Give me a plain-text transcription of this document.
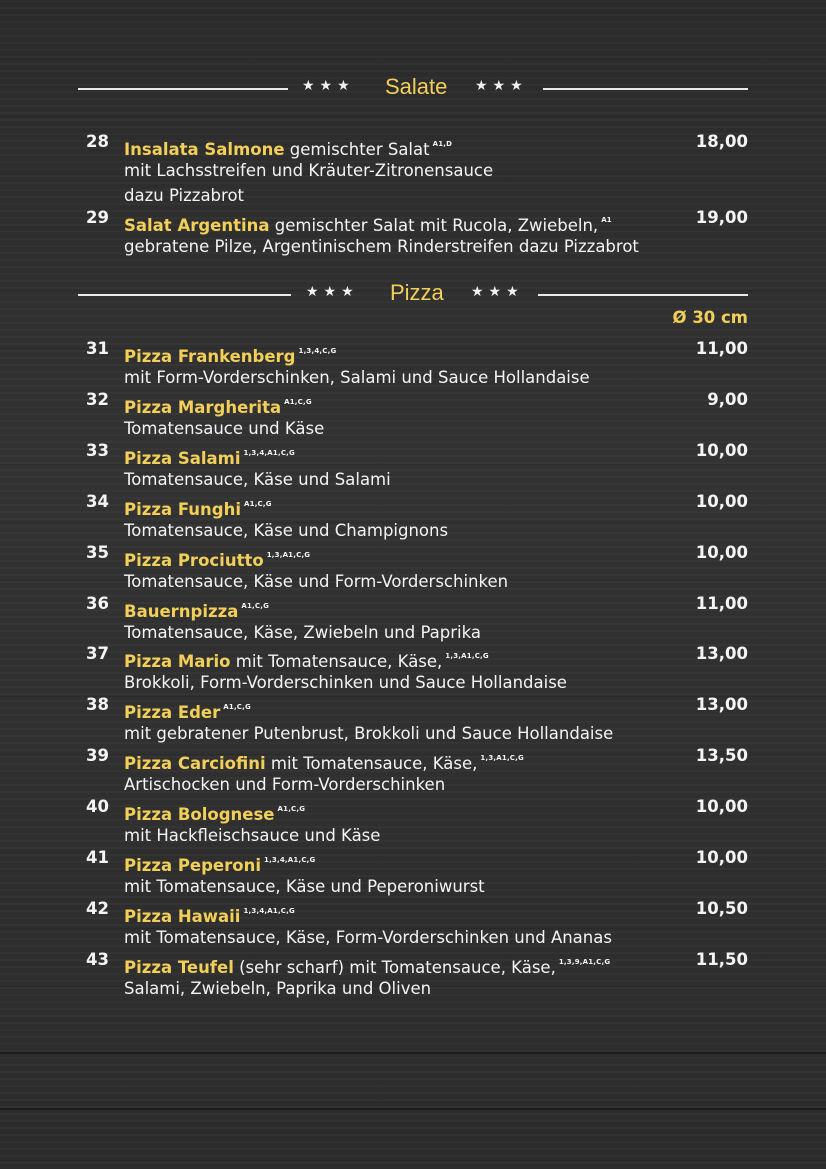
★★★ Salate ★★★
28 Insalata Salmone gemischter Salat $^{A1,D}$
mit Lachsstreifen und Kräuter-Zitronensauce
dazu Pizzabrot
18,00
29 Salat Argentina gemischter Salat mit Rucola, Zwiebeln, $^{A1}$
gebratene Pilze, Argentinischem Rinderstreifen dazu Pizzabrot
19,00
★★★ Pizza ★★★
Ø 30 cm
31 Pizza Frankenberg $^{1,3,4,C,G}$
mit Form-Vorderschinken, Salami und Sauce Hollandaise
11,00
32 Pizza Margherita $^{A1,C,G}$
Tomatensauce und Käse
9,00
33 Pizza Salami $^{1,3,4,A1,C,G}$
Tomatensauce, Käse und Salami
10,00
34 Pizza Funghi $^{A1,C,G}$
Tomatensauce, Käse und Champignons
10,00
35 Pizza Prociutto $^{1,3,A1,C,G}$
Tomatensauce, Käse und Form-Vorderschinken
10,00
36 Bauernpizza $^{A1,C,G}$
Tomatensauce, Käse, Zwiebeln und Paprika
11,00
37 Pizza Mario mit Tomatensauce, Käse, $^{1,3,A1,C,G}$
Brokkoli, Form-Vorderschinken und Sauce Hollandaise
13,00
38 Pizza Eder $^{A1,C,G}$
mit gebratener Putenbrust, Brokkoli und Sauce Hollandaise
13,00
39 Pizza Carciofini mit Tomatensauce, Käse, $^{1,3,A1,C,G}$
Artischocken und Form-Vorderschinken
13,50
40 Pizza Bolognese $^{A1,C,G}$
mit Hackfleischsauce und Käse
10,00
41 Pizza Peperoni $^{1,3,4,A1,C,G}$
mit Tomatensauce, Käse und Peperoniwurst
10,00
42 Pizza Hawaii $^{1,3,4,A1,C,G}$
mit Tomatensauce, Käse, Form-Vorderschinken und Ananas
10,50
43 Pizza Teufel (sehr scharf) mit Tomatensauce, Käse, $^{1,3,9,A1,C,G}$
Salami, Zwiebeln, Paprika und Oliven
11,50
